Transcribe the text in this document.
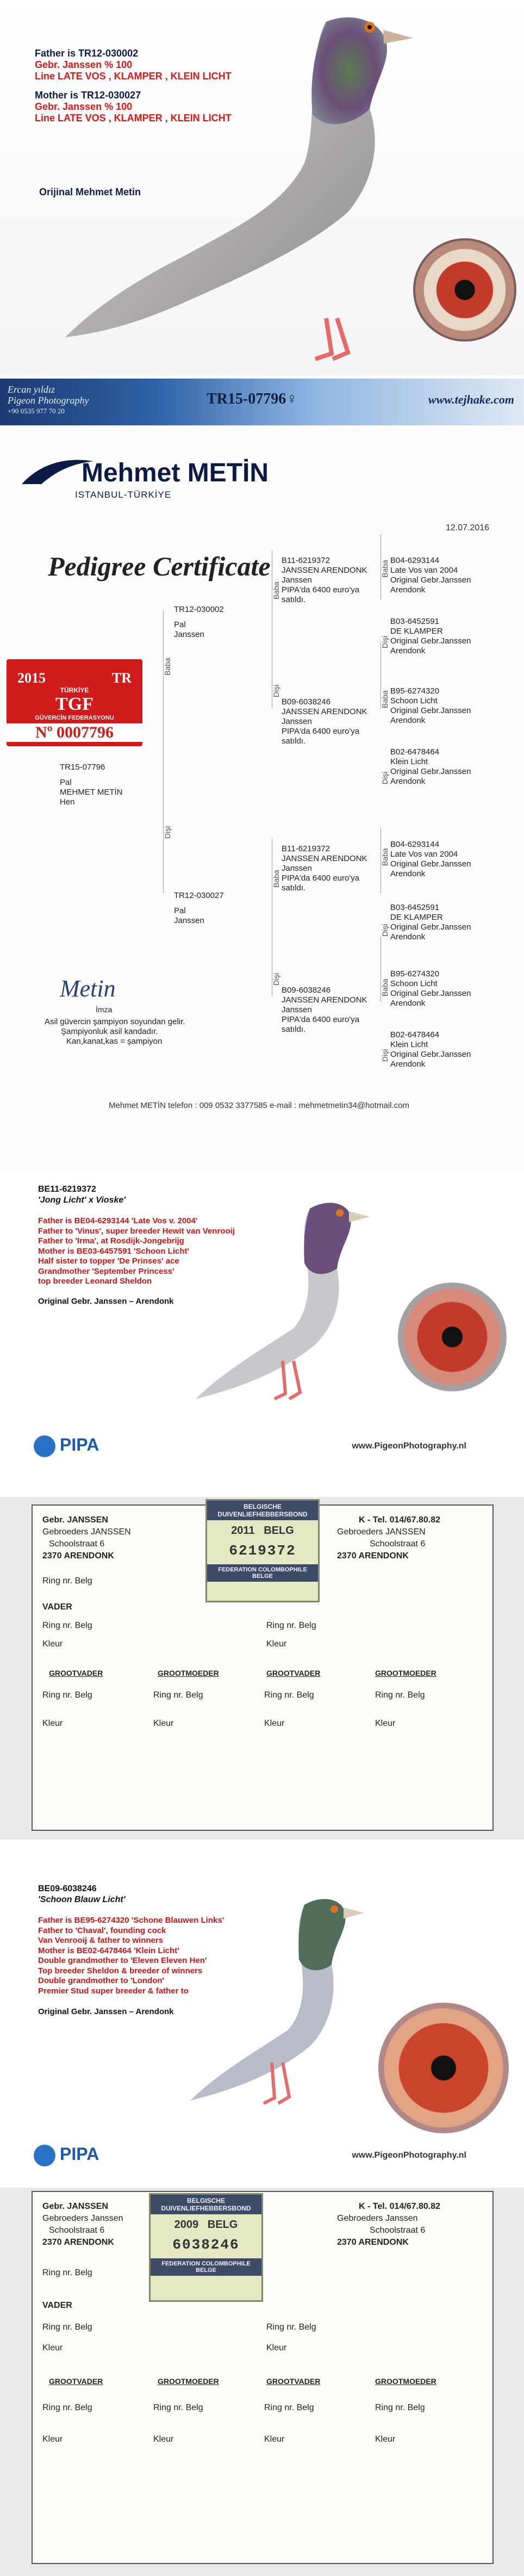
Father is TR12-030002
Gebr. Janssen % 100
Line LATE VOS , KLAMPER , KLEIN LICHT
Mother is TR12-030027
Gebr. Janssen % 100
Line LATE VOS , KLAMPER , KLEIN LICHT
Orijinal Mehmet Metin
Ercan yıldız
Pigeon Photography
+90 0535 977 70 20
TR15-07796♀	www.tejhake.com
Mehmet METİN
ISTANBUL-TÜRKİYE
12.07.2016
Pedigree Certificate
TR15-07796
Pal
MEHMET METİN
Hen
TR12-030002
Pal
Janssen
Baba
TR12-030027
Pal
Janssen
Dişi
B11-6219372
JANSSEN ARENDONK
Janssen
PIPA'da 6400 euro'ya
satıldı.
Baba
B09-6038246
JANSSEN ARENDONK
Janssen
PIPA'da 6400 euro'ya
satıldı.
Dişi
B11-6219372
JANSSEN ARENDONK
Janssen
PIPA'da 6400 euro'ya
satıldı.
Baba
B09-6038246
JANSSEN ARENDONK
Janssen
PIPA'da 6400 euro'ya
satıldı.
Dişi
B04-6293144
Late Vos van 2004
Original Gebr.Janssen
Arendonk
Baba
B03-6452591
DE KLAMPER
Original Gebr.Janssen
Arendonk
Dişi
B95-6274320
Schoon Licht
Original Gebr.Janssen
Arendonk
Baba
B02-6478464
Klein Licht
Original Gebr.Janssen
Arendonk
Dişi
B04-6293144
Late Vos van 2004
Original Gebr.Janssen
Arendonk
Baba
B03-6452591
DE KLAMPER
Original Gebr.Janssen
Arendonk
Dişi
B95-6274320
Schoon Licht
Original Gebr.Janssen
Arendonk
Baba
B02-6478464
Klein Licht
Original Gebr.Janssen
Arendonk
Dişi
2015	TR
TÜRKİYE
TGF
GÜVERCİN FEDERASYONU
Nº 0007796
Metin
İmza
Asil güvercin şampiyon soyundan gelir.
Şampiyonluk asil kandadır.
Kan,kanat,kas = şampiyon
Mehmet METİN telefon : 009 0532 3377585 e-mail : mehmetmetin34@hotmail.com
BE11-6219372
'Jong Licht' x Vioske'
Father is BE04-6293144 'Late Vos v. 2004'
Father to 'Vinus', super breeder Hewit van Venrooij
Father to 'Irma', at Rosdijk-Jongebrijg
Mother is BE03-6457591 'Schoon Licht'
Half sister to topper 'De Prinses' ace
Grandmother 'September Princess'
top breeder Leonard Sheldon
Original Gebr. Janssen – Arendonk
PIPA	www.PigeonPhotography.nl
Gebr. JANSSEN
Gebroeders JANSSEN
Schoolstraat 6
2370 ARENDONK
K - Tel. 014/67.80.82
Gebroeders JANSSEN
Schoolstraat 6
2370 ARENDONK
Ring nr. Belg
VADER
Ring nr. Belg
Kleur
Ring nr. Belg
Kleur
GROOTVADER	GROOTMOEDER	GROOTVADER	GROOTMOEDER
Ring nr. Belg	Ring nr. Belg	Ring nr. Belg	Ring nr. Belg
Kleur	Kleur	Kleur	Kleur
BELGISCHE DUIVENLIEFHEBBERSBOND
2011 BELG
6219372
FEDERATION COLOMBOPHILE BELGE
BE09-6038246
'Schoon Blauw Licht'
Father is BE95-6274320 'Schone Blauwen Links'
Father to 'Chaval', founding cock
Van Venrooij & father to winners
Mother is BE02-6478464 'Klein Licht'
Double grandmother to 'Eleven Eleven Hen'
Top breeder Sheldon & breeder of winners
Double grandmother to 'London'
Premier Stud super breeder & father to
Original Gebr. Janssen – Arendonk
PIPA	www.PigeonPhotography.nl
Gebr. JANSSEN
Gebroeders Janssen
Schoolstraat 6
2370 ARENDONK
K - Tel. 014/67.80.82
Gebroeders Janssen
Schoolstraat 6
2370 ARENDONK
Ring nr. Belg
VADER
Ring nr. Belg
Kleur
Ring nr. Belg
Kleur
GROOTVADER	GROOTMOEDER	GROOTVADER	GROOTMOEDER
Ring nr. Belg	Ring nr. Belg	Ring nr. Belg	Ring nr. Belg
Kleur	Kleur	Kleur	Kleur
BELGISCHE DUIVENLIEFHEBBERSBOND
2009 BELG
6038246
FEDERATION COLOMBOPHILE BELGE
